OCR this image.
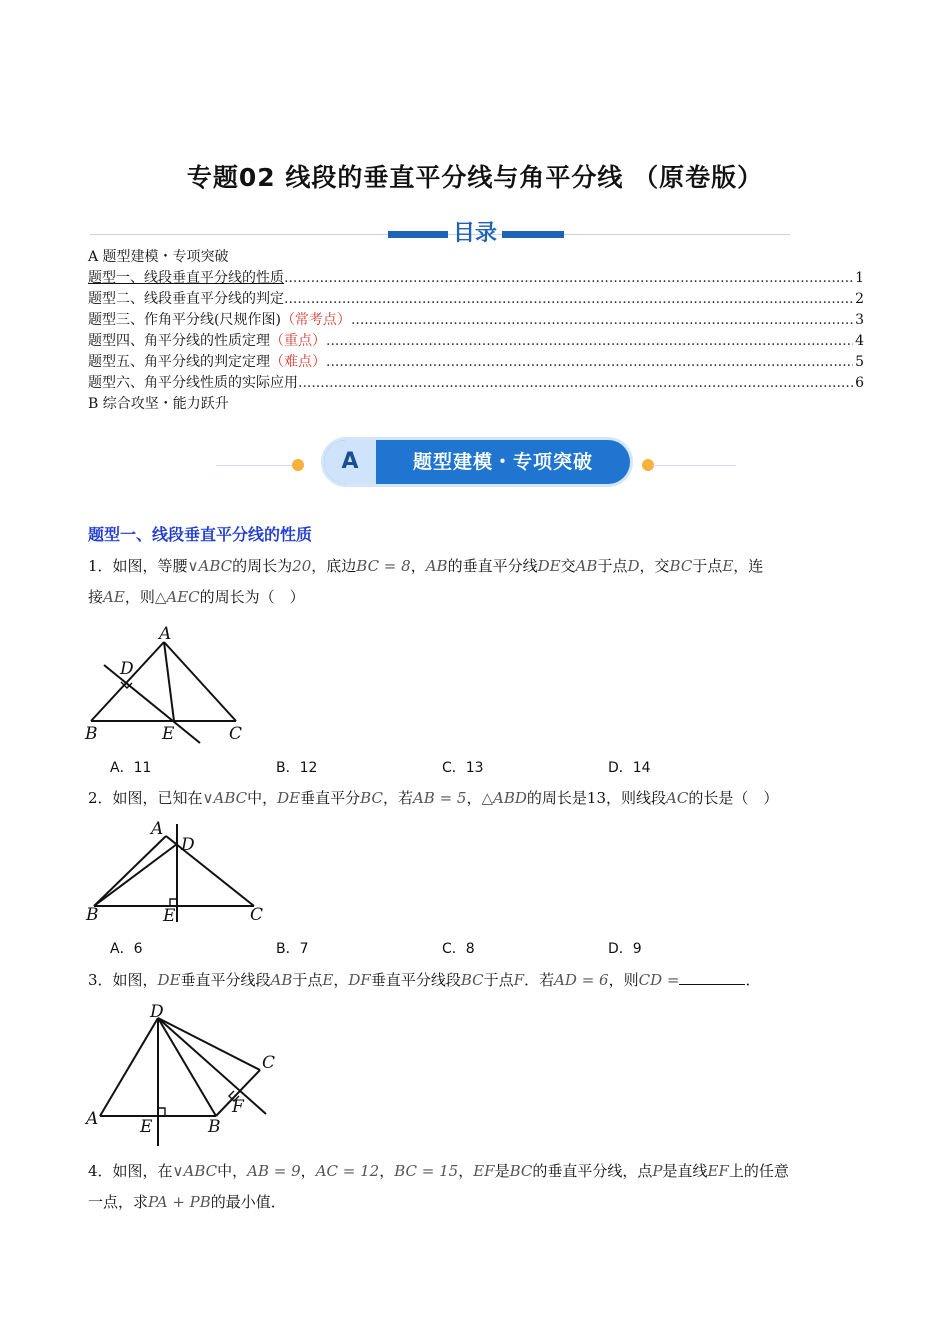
专题02 线段的垂直平分线与角平分线 （原卷版）
目录
A 题型建模・专项突破
题型一、线段垂直平分线的性质 .....	1
题型二、线段垂直平分线的判定 .....	2
题型三、作角平分线(尺规作图) （常考点） .....	3
题型四、角平分线的性质定理 （重点） .....	4
题型五、角平分线的判定定理 （难点） .....	5
题型六、角平分线性质的实际应用 .....	6
B 综合攻坚・能力跃升
A	题型建模・专项突破
题型一、线段垂直平分线的性质
1．如图，等腰∨ABC的周长为20，底边BC = 8，AB的垂直平分线DE交AB于点D，交BC于点E，连
接AE，则△AEC的周长为（　）
A
D
B	E	C
A．11	B．12	C．13	D．14
2．如图，已知在∨ABC中，DE垂直平分BC，若AB = 5，△ABD的周长是13，则线段AC的长是（　）
A
D
B	E	C
A．6	B．7	C．8	D．9
3．如图，DE垂直平分线段AB于点E，DF垂直平分线段BC于点F．若AD = 6，则CD =	．
D
C
F
A E	B
4．如图，在∨ABC中，AB = 9，AC = 12，BC = 15，EF是BC的垂直平分线，点P是直线EF上的任意
一点，求PA + PB的最小值．
